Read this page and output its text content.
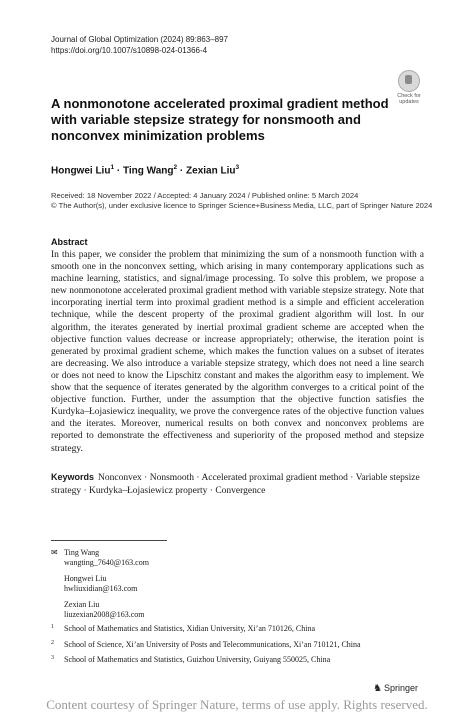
Journal of Global Optimization (2024) 89:863–897
https://doi.org/10.1007/s10898-024-01366-4
Check for
updates
A nonmonotone accelerated proximal gradient method with variable stepsize strategy for nonsmooth and nonconvex minimization problems
Hongwei Liu$^1$ · Ting Wang$^2$ · Zexian Liu$^3$
Received: 18 November 2022 / Accepted: 4 January 2024 / Published online: 5 March 2024
© The Author(s), under exclusive licence to Springer Science+Business Media, LLC, part of Springer Nature 2024
Abstract

In this paper, we consider the problem that minimizing the sum of a nonsmooth function with a smooth one in the nonconvex setting, which arising in many contemporary applications such as machine learning, statistics, and signal/image processing. To solve this problem, we propose a new nonmonotone accelerated proximal gradient method with variable stepsize strategy. Note that incorporating inertial term into proximal gradient method is a simple and efficient acceleration technique, while the descent property of the proximal gradient algorithm will lost. In our algorithm, the iterates generated by inertial proximal gradient scheme are accepted when the objective function values decrease or increase appropriately; otherwise, the iteration point is generated by proximal gradient scheme, which makes the function values on a subset of iterates are decreasing. We also introduce a variable stepsize strategy, which does not need a line search or does not need to know the Lipschitz constant and makes the algorithm easy to implement. We show that the sequence of iterates generated by the algorithm converges to a critical point of the objective function. Further, under the assumption that the objective function satisfies the Kurdyka–Łojasiewicz inequality, we prove the convergence rates of the objective function values and the iterates. Moreover, numerical results on both convex and nonconvex problems are reported to demonstrate the effectiveness and superiority of the proposed method and stepsize strategy.

Keywords Nonconvex · Nonsmooth · Accelerated proximal gradient method · Variable stepsize strategy · Kurdyka–Łojasiewicz property · Convergence

✉ Ting Wang
wangting_7640@163.com
Hongwei Liu
hwliuxidian@163.com
Zexian Liu
liuzexian2008@163.com
1 School of Mathematics and Statistics, Xidian University, Xi’an 710126, China
2 School of Science, Xi’an University of Posts and Telecommunications, Xi’an 710121, China
3 School of Mathematics and Statistics, Guizhou University, Guiyang 550025, China
♞ Springer
Content courtesy of Springer Nature, terms of use apply. Rights reserved.
